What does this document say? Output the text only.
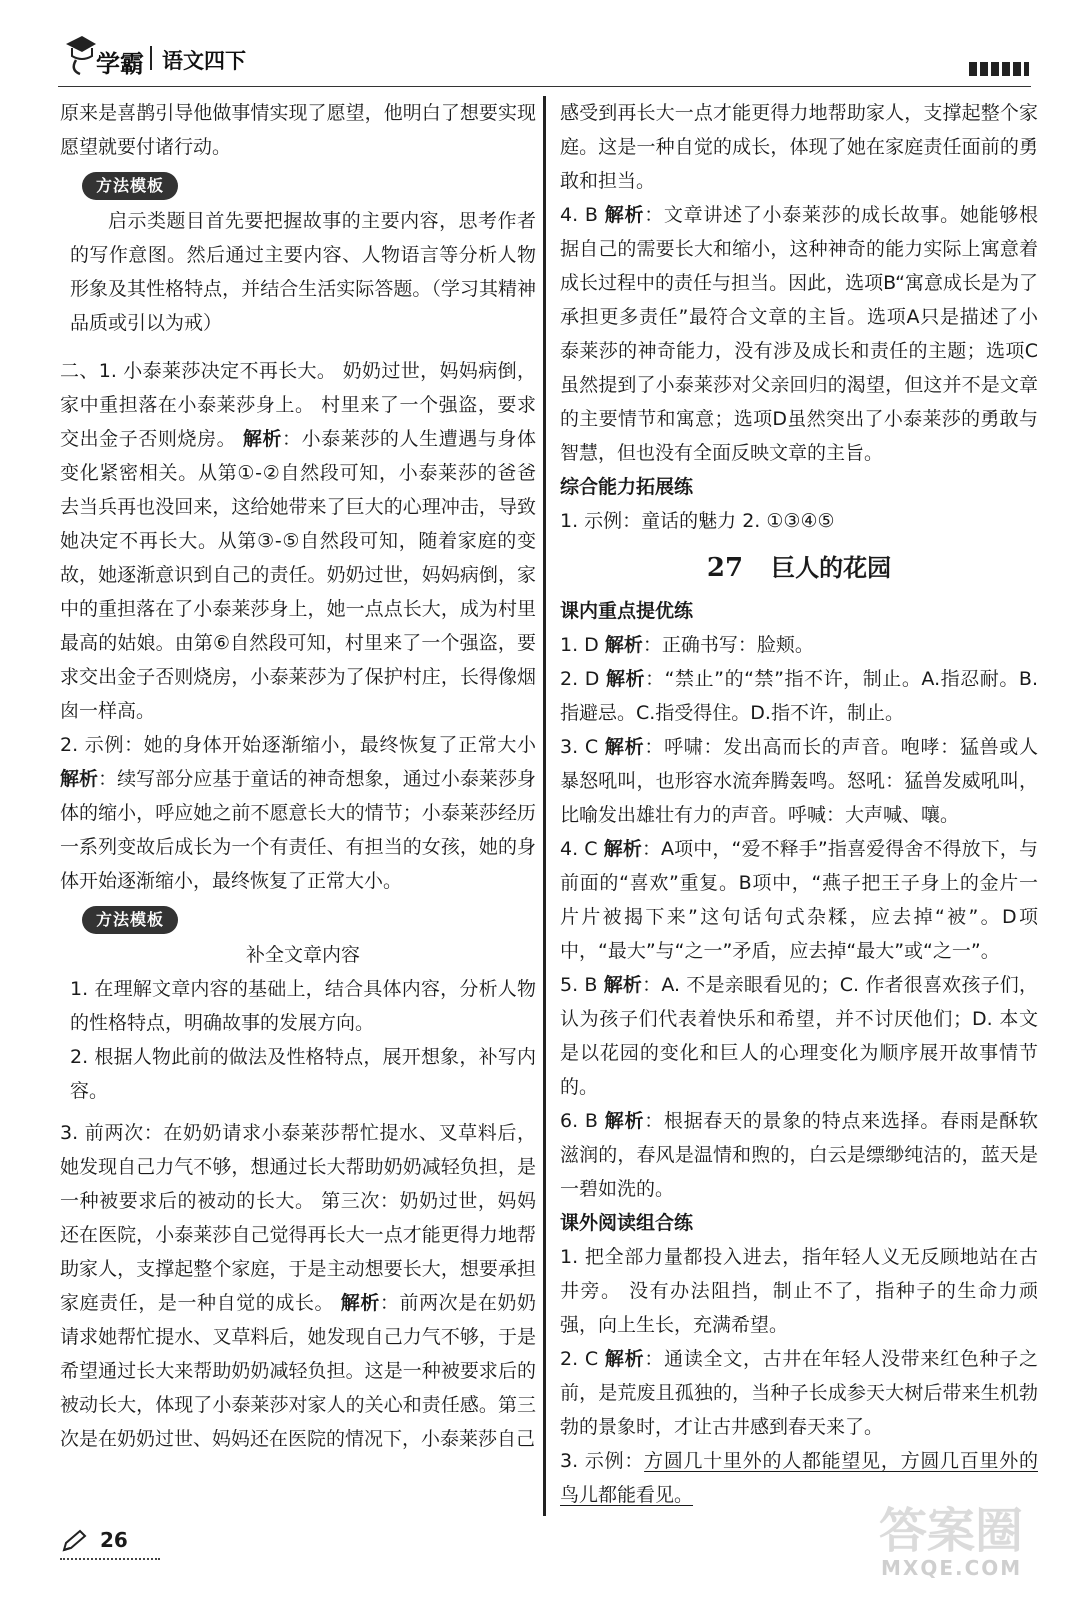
学霸 语文四下

原来是喜鹊引导他做事情实现了愿望，他明白了想要实现愿望就要付诸行动。

方法模板

启示类题目首先要把握故事的主要内容，思考作者的写作意图。然后通过主要内容、人物语言等分析人物形象及其性格特点，并结合生活实际答题。（学习其精神品质或引以为戒）

二、1. 小泰莱莎决定不再长大。 奶奶过世，妈妈病倒，家中重担落在小泰莱莎身上。 村里来了一个强盗，要求交出金子否则烧房。 解析：小泰莱莎的人生遭遇与身体变化紧密相关。从第①-②自然段可知，小泰莱莎的爸爸去当兵再也没回来，这给她带来了巨大的心理冲击，导致她决定不再长大。从第③-⑤自然段可知，随着家庭的变故，她逐渐意识到自己的责任。奶奶过世，妈妈病倒，家中的重担落在了小泰莱莎身上，她一点点长大，成为村里最高的姑娘。由第⑥自然段可知，村里来了一个强盗，要求交出金子否则烧房，小泰莱莎为了保护村庄，长得像烟囱一样高。

2. 示例：她的身体开始逐渐缩小，最终恢复了正常大小 解析：续写部分应基于童话的神奇想象，通过小泰莱莎身体的缩小，呼应她之前不愿意长大的情节；小泰莱莎经历一系列变故后成长为一个有责任、有担当的女孩，她的身体开始逐渐缩小，最终恢复了正常大小。

方法模板

补全文章内容

1. 在理解文章内容的基础上，结合具体内容，分析人物的性格特点，明确故事的发展方向。

2. 根据人物此前的做法及性格特点，展开想象，补写内容。

3. 前两次：在奶奶请求小泰莱莎帮忙提水、叉草料后，她发现自己力气不够，想通过长大帮助奶奶减轻负担，是一种被要求后的被动的长大。 第三次：奶奶过世，妈妈还在医院，小泰莱莎自己觉得再长大一点才能更得力地帮助家人，支撑起整个家庭，于是主动想要长大，想要承担家庭责任，是一种自觉的成长。 解析：前两次是在奶奶请求她帮忙提水、叉草料后，她发现自己力气不够，于是希望通过长大来帮助奶奶减轻负担。这是一种被要求后的被动长大，体现了小泰莱莎对家人的关心和责任感。第三次是在奶奶过世、妈妈还在医院的情况下，小泰莱莎自己

感受到再长大一点才能更得力地帮助家人，支撑起整个家庭。这是一种自觉的成长，体现了她在家庭责任面前的勇敢和担当。

4. B 解析：文章讲述了小泰莱莎的成长故事。她能够根据自己的需要长大和缩小，这种神奇的能力实际上寓意着成长过程中的责任与担当。因此，选项B“寓意成长是为了承担更多责任”最符合文章的主旨。选项A只是描述了小泰莱莎的神奇能力，没有涉及成长和责任的主题；选项C虽然提到了小泰莱莎对父亲回归的渴望，但这并不是文章的主要情节和寓意；选项D虽然突出了小泰莱莎的勇敢与智慧，但也没有全面反映文章的主旨。

综合能力拓展练

1. 示例：童话的魅力 2. ①③④⑤

27 巨人的花园

课内重点提优练

1. D 解析：正确书写：脸颊。

2. D 解析：“禁止”的“禁”指不许，制止。A.指忍耐。B.指避忌。C.指受得住。D.指不许，制止。

3. C 解析：呼啸：发出高而长的声音。咆哮：猛兽或人暴怒吼叫，也形容水流奔腾轰鸣。怒吼：猛兽发威吼叫，比喻发出雄壮有力的声音。呼喊：大声喊、嚷。

4. C 解析：A项中，“爱不释手”指喜爱得舍不得放下，与前面的“喜欢”重复。B项中，“燕子把王子身上的金片一片片被揭下来”这句话句式杂糅，应去掉“被”。D项中，“最大”与“之一”矛盾，应去掉“最大”或“之一”。

5. B 解析：A. 不是亲眼看见的；C. 作者很喜欢孩子们，认为孩子们代表着快乐和希望，并不讨厌他们；D. 本文是以花园的变化和巨人的心理变化为顺序展开故事情节的。

6. B 解析：根据春天的景象的特点来选择。春雨是酥软滋润的，春风是温情和煦的，白云是缥缈纯洁的，蓝天是一碧如洗的。

课外阅读组合练

1. 把全部力量都投入进去，指年轻人义无反顾地站在古井旁。 没有办法阻挡，制止不了，指种子的生命力顽强，向上生长，充满希望。

2. C 解析：通读全文，古井在年轻人没带来红色种子之前，是荒废且孤独的，当种子长成参天大树后带来生机勃勃的景象时，才让古井感到春天来了。

3. 示例：方圆几十里外的人都能望见，方圆几百里外的鸟儿都能看见。

26	答案圈
MXQE.COM
